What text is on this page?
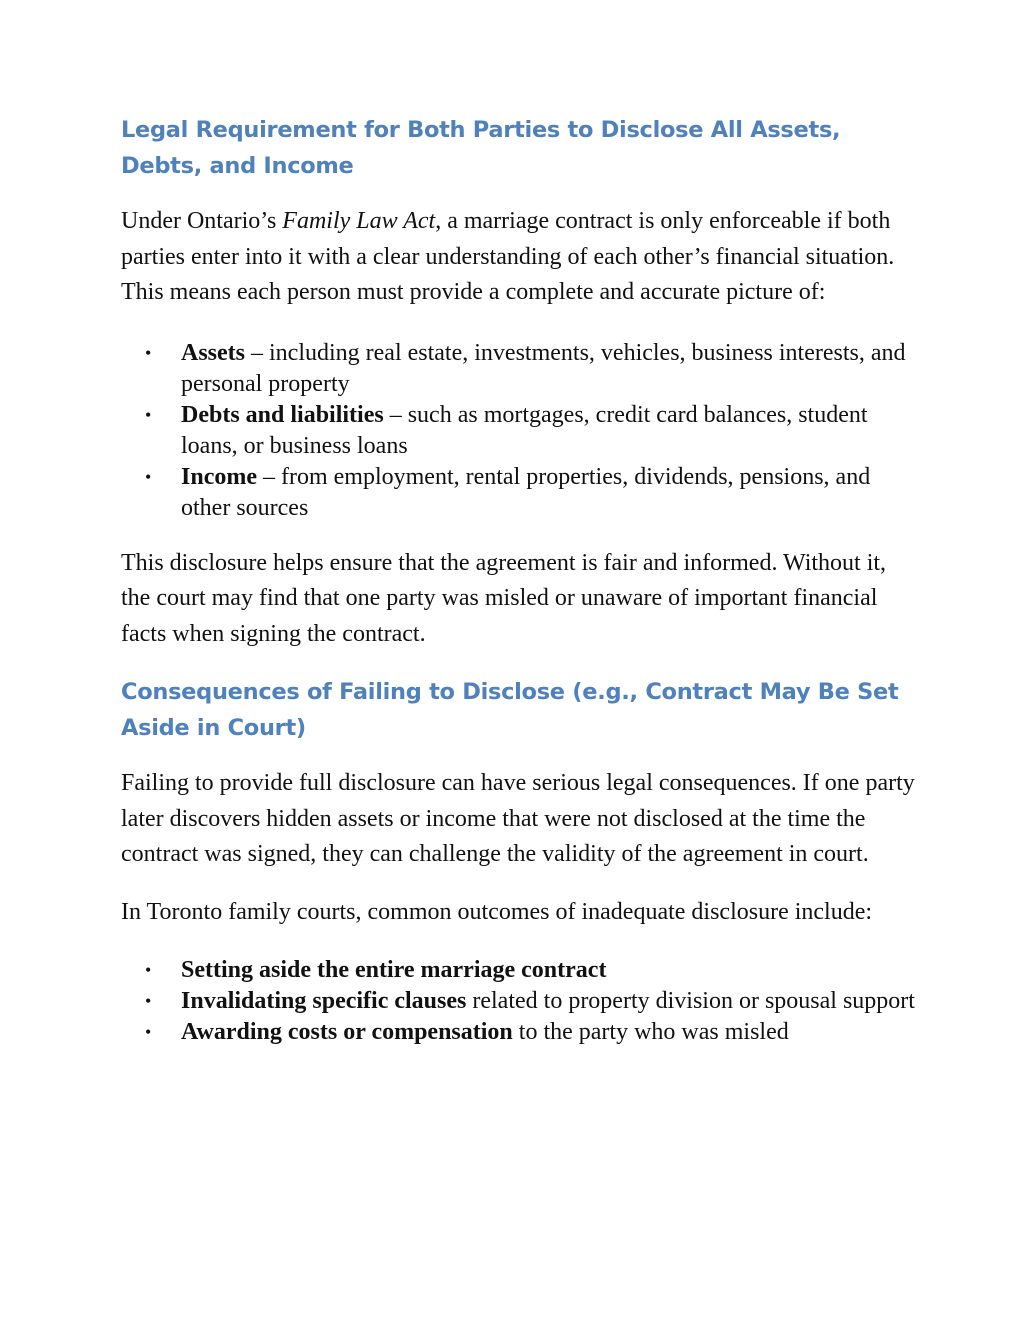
Legal Requirement for Both Parties to Disclose All Assets, Debts, and Income

Under Ontario’s Family Law Act, a marriage contract is only enforceable if both parties enter into it with a clear understanding of each other’s financial situation. This means each person must provide a complete and accurate picture of:

• Assets – including real estate, investments, vehicles, business interests, and personal property
• Debts and liabilities – such as mortgages, credit card balances, student loans, or business loans
• Income – from employment, rental properties, dividends, pensions, and other sources

This disclosure helps ensure that the agreement is fair and informed. Without it, the court may find that one party was misled or unaware of important financial facts when signing the contract.

Consequences of Failing to Disclose (e.g., Contract May Be Set Aside in Court)

Failing to provide full disclosure can have serious legal consequences. If one party later discovers hidden assets or income that were not disclosed at the time the contract was signed, they can challenge the validity of the agreement in court.

In Toronto family courts, common outcomes of inadequate disclosure include:

• Setting aside the entire marriage contract
• Invalidating specific clauses related to property division or spousal support
• Awarding costs or compensation to the party who was misled
